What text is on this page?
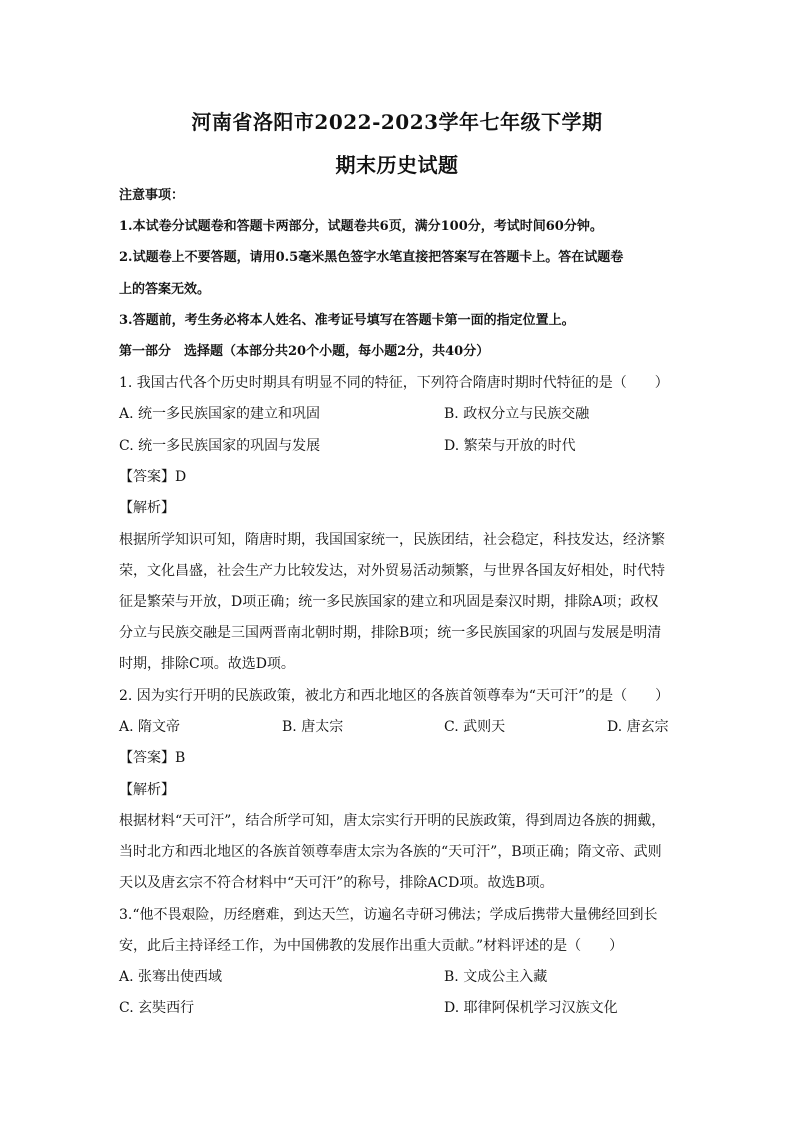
河南省洛阳市2022-2023学年七年级下学期
期末历史试题
注意事项：
1.本试卷分试题卷和答题卡两部分，试题卷共6页，满分100分，考试时间60分钟。
2.试题卷上不要答题，请用0.5毫米黑色签字水笔直接把答案写在答题卡上。答在试题卷
上的答案无效。
3.答题前，考生务必将本人姓名、准考证号填写在答题卡第一面的指定位置上。
第一部分　选择题（本部分共20个小题，每小题2分，共40分）
1. 我国古代各个历史时期具有明显不同的特征，下列符合隋唐时期时代特征的是（　　）
A. 统一多民族国家的建立和巩固	B. 政权分立与民族交融
C. 统一多民族国家的巩固与发展	D. 繁荣与开放的时代
【答案】D
【解析】
根据所学知识可知，隋唐时期，我国国家统一，民族团结，社会稳定，科技发达，经济繁
荣，文化昌盛，社会生产力比较发达，对外贸易活动频繁，与世界各国友好相处，时代特
征是繁荣与开放，D项正确；统一多民族国家的建立和巩固是秦汉时期，排除A项；政权
分立与民族交融是三国两晋南北朝时期，排除B项；统一多民族国家的巩固与发展是明清
时期，排除C项。故选D项。
2. 因为实行开明的民族政策，被北方和西北地区的各族首领尊奉为“天可汗”的是（　　）
A. 隋文帝	B. 唐太宗	C. 武则天	D. 唐玄宗
【答案】B
【解析】
根据材料“天可汗”，结合所学可知，唐太宗实行开明的民族政策，得到周边各族的拥戴，
当时北方和西北地区的各族首领尊奉唐太宗为各族的“天可汗”，B项正确；隋文帝、武则
天以及唐玄宗不符合材料中“天可汗”的称号，排除ACD项。故选B项。
3.“他不畏艰险，历经磨难，到达天竺，访遍名寺研习佛法；学成后携带大量佛经回到长
安，此后主持译经工作，为中国佛教的发展作出重大贡献。”材料评述的是（　　）
A. 张骞出使西域	B. 文成公主入藏
C. 玄奘西行	D. 耶律阿保机学习汉族文化
